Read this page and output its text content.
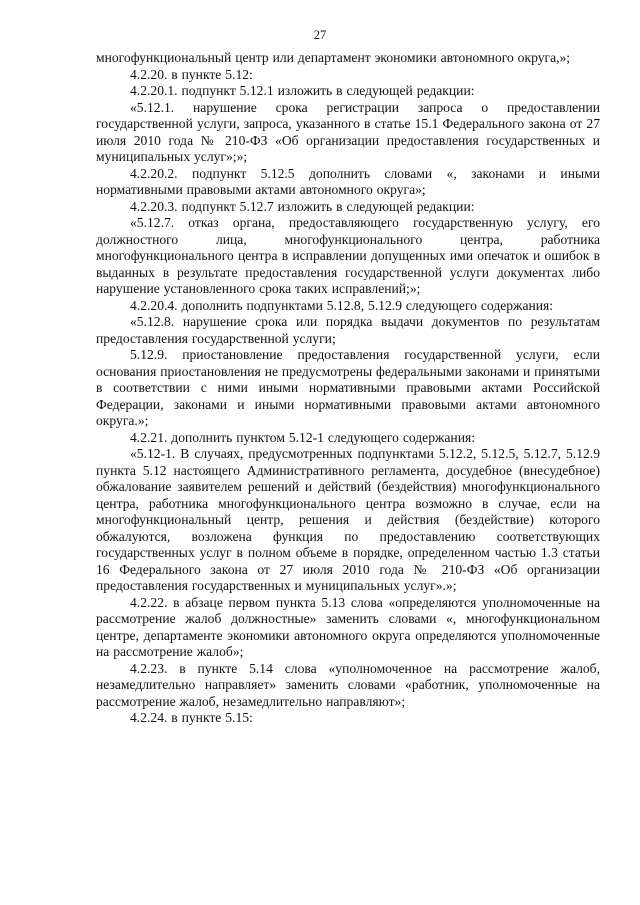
27

многофункциональный центр или департамент экономики автономного округа,»;

4.2.20. в пункте 5.12:

4.2.20.1. подпункт 5.12.1 изложить в следующей редакции:

«5.12.1. нарушение срока регистрации запроса о предоставлении государственной услуги, запроса, указанного в статье 15.1 Федерального закона от 27 июля 2010 года № 210-ФЗ «Об организации предоставления государственных и муниципальных услуг»;»;

4.2.20.2. подпункт 5.12.5 дополнить словами «, законами и иными нормативными правовыми актами автономного округа»;

4.2.20.3. подпункт 5.12.7 изложить в следующей редакции:

«5.12.7. отказ органа, предоставляющего государственную услугу, его должностного лица, многофункционального центра, работника многофункционального центра в исправлении допущенных ими опечаток и ошибок в выданных в результате предоставления государственной услуги документах либо нарушение установленного срока таких исправлений;»;

4.2.20.4. дополнить подпунктами 5.12.8, 5.12.9 следующего содержания:

«5.12.8. нарушение срока или порядка выдачи документов по результатам предоставления государственной услуги;

5.12.9. приостановление предоставления государственной услуги, если основания приостановления не предусмотрены федеральными законами и принятыми в соответствии с ними иными нормативными правовыми актами Российской Федерации, законами и иными нормативными правовыми актами автономного округа.»;

4.2.21. дополнить пунктом 5.12-1 следующего содержания:

«5.12-1. В случаях, предусмотренных подпунктами 5.12.2, 5.12.5, 5.12.7, 5.12.9 пункта 5.12 настоящего Административного регламента, досудебное (внесудебное) обжалование заявителем решений и действий (бездействия) многофункционального центра, работника многофункционального центра возможно в случае, если на многофункциональный центр, решения и действия (бездействие) которого обжалуются, возложена функция по предоставлению соответствующих государственных услуг в полном объеме в порядке, определенном частью 1.3 статьи 16 Федерального закона от 27 июля 2010 года № 210-ФЗ «Об организации предоставления государственных и муниципальных услуг».»;

4.2.22. в абзаце первом пункта 5.13 слова «определяются уполномоченные на рассмотрение жалоб должностные» заменить словами «, многофункциональном центре, департаменте экономики автономного округа определяются уполномоченные на рассмотрение жалоб»;

4.2.23. в пункте 5.14 слова «уполномоченное на рассмотрение жалоб, незамедлительно направляет» заменить словами «работник, уполномоченные на рассмотрение жалоб, незамедлительно направляют»;

4.2.24. в пункте 5.15:
